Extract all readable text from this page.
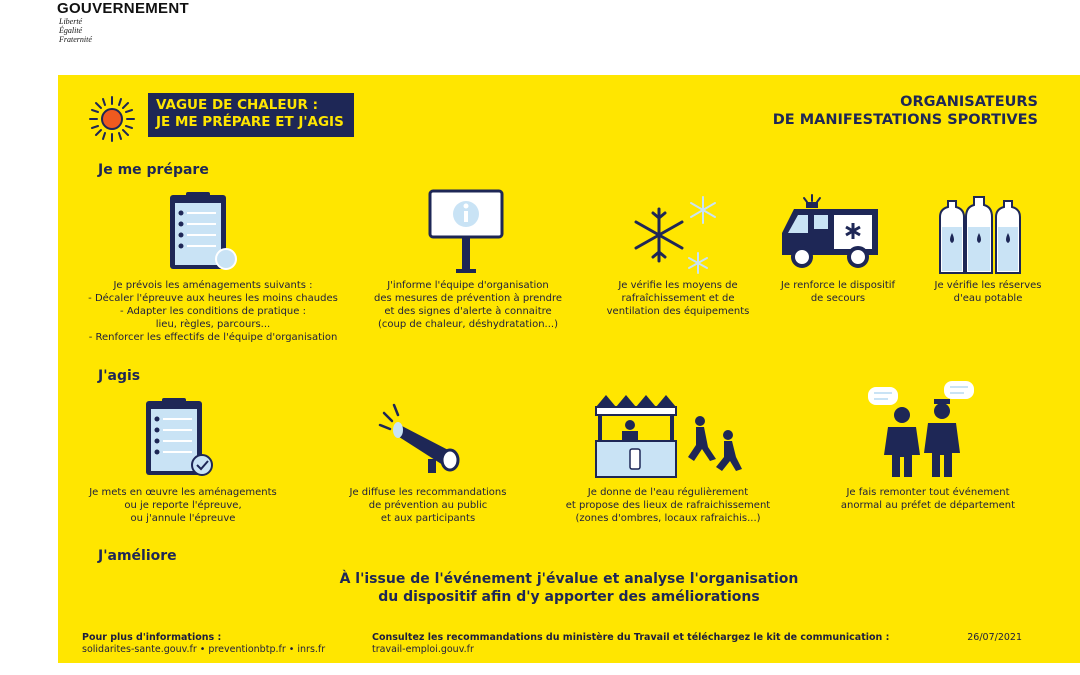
GOUVERNEMENT
Liberté
Égalité
Fraternité
VAGUE DE CHALEUR :
JE ME PRÉPARE ET J'AGIS
ORGANISATEURS
DE MANIFESTATIONS SPORTIVES
Je me prépare
Je prévois les aménagements suivants :
- Décaler l'épreuve aux heures les moins chaudes
- Adapter les conditions de pratique :
lieu, règles, parcours...
- Renforcer les effectifs de l'équipe d'organisation
J'informe l'équipe d'organisation
des mesures de prévention à prendre
et des signes d'alerte à connaitre
(coup de chaleur, déshydratation...)
Je vérifie les moyens de
rafraîchissement et de
ventilation des équipements
Je renforce le dispositif
de secours
Je vérifie les réserves
d'eau potable
J'agis
Je mets en œuvre les aménagements
ou je reporte l'épreuve,
ou j'annule l'épreuve
Je diffuse les recommandations
de prévention au public
et aux participants
Je donne de l'eau régulièrement
et propose des lieux de rafraichissement
(zones d'ombres, locaux rafraichis...)
Je fais remonter tout événement
anormal au préfet de département
J'améliore
À l'issue de l'événement j'évalue et analyse l'organisation
du dispositif afin d'y apporter des améliorations
Pour plus d'informations :
solidarites-sante.gouv.fr • preventionbtp.fr • inrs.fr
Consultez les recommandations du ministère du Travail et téléchargez le kit de communication :
travail-emploi.gouv.fr
26/07/2021
